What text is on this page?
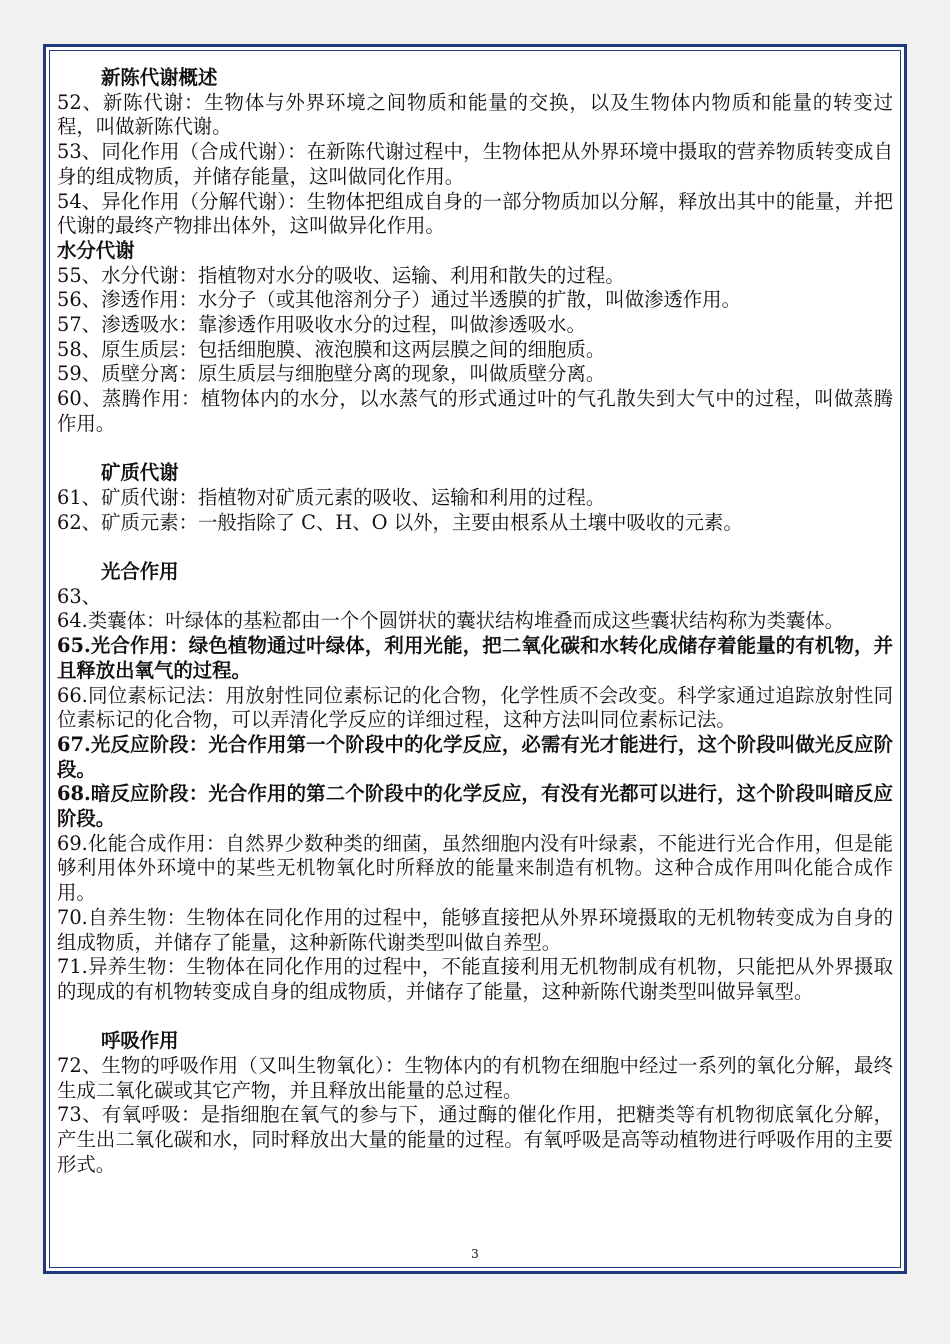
新陈代谢概述

52、新陈代谢：生物体与外界环境之间物质和能量的交换，以及生物体内物质和能量的转变过程，叫做新陈代谢。

53、同化作用（合成代谢）：在新陈代谢过程中，生物体把从外界环境中摄取的营养物质转变成自身的组成物质，并储存能量，这叫做同化作用。

54、异化作用（分解代谢）：生物体把组成自身的一部分物质加以分解，释放出其中的能量，并把代谢的最终产物排出体外，这叫做异化作用。

水分代谢

55、水分代谢：指植物对水分的吸收、运输、利用和散失的过程。

56、渗透作用：水分子（或其他溶剂分子）通过半透膜的扩散，叫做渗透作用。

57、渗透吸水：靠渗透作用吸收水分的过程，叫做渗透吸水。

58、原生质层：包括细胞膜、液泡膜和这两层膜之间的细胞质。

59、质壁分离：原生质层与细胞壁分离的现象，叫做质壁分离。

60、蒸腾作用：植物体内的水分，以水蒸气的形式通过叶的气孔散失到大气中的过程，叫做蒸腾作用。

矿质代谢

61、矿质代谢：指植物对矿质元素的吸收、运输和利用的过程。

62、矿质元素：一般指除了 C、H、O 以外，主要由根系从土壤中吸收的元素。

光合作用

63、

64.类囊体：叶绿体的基粒都由一个个圆饼状的囊状结构堆叠而成这些囊状结构称为类囊体。

65.光合作用：绿色植物通过叶绿体，利用光能，把二氧化碳和水转化成储存着能量的有机物，并且释放出氧气的过程。

66.同位素标记法：用放射性同位素标记的化合物，化学性质不会改变。科学家通过追踪放射性同位素标记的化合物，可以弄清化学反应的详细过程，这种方法叫同位素标记法。

67.光反应阶段：光合作用第一个阶段中的化学反应，必需有光才能进行，这个阶段叫做光反应阶段。

68.暗反应阶段：光合作用的第二个阶段中的化学反应，有没有光都可以进行，这个阶段叫暗反应阶段。

69.化能合成作用：自然界少数种类的细菌，虽然细胞内没有叶绿素，不能进行光合作用，但是能够利用体外环境中的某些无机物氧化时所释放的能量来制造有机物。这种合成作用叫化能合成作用。

70.自养生物：生物体在同化作用的过程中，能够直接把从外界环境摄取的无机物转变成为自身的组成物质，并储存了能量，这种新陈代谢类型叫做自养型。

71.异养生物：生物体在同化作用的过程中，不能直接利用无机物制成有机物，只能把从外界摄取的现成的有机物转变成自身的组成物质，并储存了能量，这种新陈代谢类型叫做异氧型。

呼吸作用

72、生物的呼吸作用（又叫生物氧化）：生物体内的有机物在细胞中经过一系列的氧化分解，最终生成二氧化碳或其它产物，并且释放出能量的总过程。

73、有氧呼吸：是指细胞在氧气的参与下，通过酶的催化作用，把糖类等有机物彻底氧化分解，产生出二氧化碳和水，同时释放出大量的能量的过程。有氧呼吸是高等动植物进行呼吸作用的主要形式。

3
